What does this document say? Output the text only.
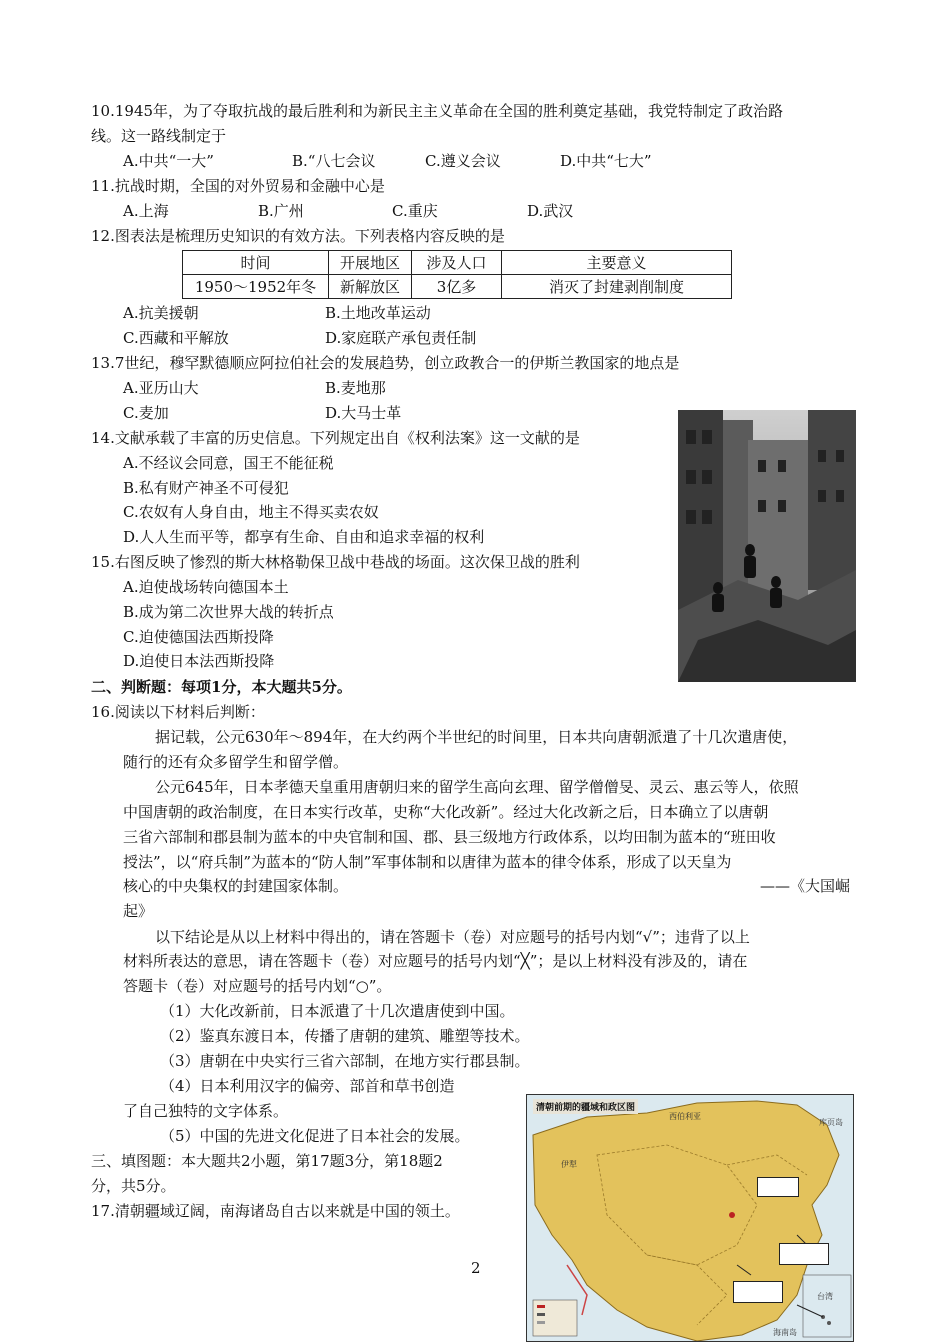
10.1945年，为了夺取抗战的最后胜利和为新民主主义革命在全国的胜利奠定基础，我党特制定了政治路
线。这一路线制定于
A.中共“一大”	B.“八七会议	C.遵义会议	D.中共“七大”
11.抗战时期，全国的对外贸易和金融中心是
A.上海	B.广州	C.重庆	D.武汉
12.图表法是梳理历史知识的有效方法。下列表格内容反映的是
时间	开展地区	涉及人口	主要意义
1950～1952年冬	新解放区	3亿多	消灭了封建剥削制度
A.抗美援朝	B.土地改革运动
C.西藏和平解放	D.家庭联产承包责任制
13.7世纪，穆罕默德顺应阿拉伯社会的发展趋势，创立政教合一的伊斯兰教国家的地点是
A.亚历山大	B.麦地那
C.麦加	D.大马士革
14.文献承载了丰富的历史信息。下列规定出自《权利法案》这一文献的是
A.不经议会同意，国王不能征税
B.私有财产神圣不可侵犯
C.农奴有人身自由，地主不得买卖农奴
D.人人生而平等，都享有生命、自由和追求幸福的权利
15.右图反映了惨烈的斯大林格勒保卫战中巷战的场面。这次保卫战的胜利
A.迫使战场转向德国本土
B.成为第二次世界大战的转折点
C.迫使德国法西斯投降
D.迫使日本法西斯投降
二、判断题：每项1分，本大题共5分。
16.阅读以下材料后判断：
据记载，公元630年～894年，在大约两个半世纪的时间里，日本共向唐朝派遣了十几次遣唐使，
随行的还有众多留学生和留学僧。
公元645年，日本孝德天皇重用唐朝归来的留学生高向玄理、留学僧僧旻、灵云、惠云等人，依照
中国唐朝的政治制度，在日本实行改革，史称“大化改新”。经过大化改新之后，日本确立了以唐朝
三省六部制和郡县制为蓝本的中央官制和国、郡、县三级地方行政体系，以均田制为蓝本的“班田收
授法”，以“府兵制”为蓝本的“防人制”军事体制和以唐律为蓝本的律令体系，形成了以天皇为
核心的中央集权的封建国家体制。	——《大国崛
起》
以下结论是从以上材料中得出的，请在答题卡（卷）对应题号的括号内划“√”；违背了以上
材料所表达的意思，请在答题卡（卷）对应题号的括号内划“╳”；是以上材料没有涉及的，请在
答题卡（卷）对应题号的括号内划“○”。
（1）大化改新前，日本派遣了十几次遣唐使到中国。
（2）鉴真东渡日本，传播了唐朝的建筑、雕塑等技术。
（3）唐朝在中央实行三省六部制，在地方实行郡县制。
（4）日本利用汉字的偏旁、部首和草书创造
了自己独特的文字体系。
（5）中国的先进文化促进了日本社会的发展。
三、填图题：本大题共2小题，第17题3分，第18题2
分，共5分。
17.清朝疆域辽阔，南海诸岛自古以来就是中国的领土。
清朝前期的疆域和政区图
西伯利亚
伊犁
库页岛
台湾
海南岛
2
